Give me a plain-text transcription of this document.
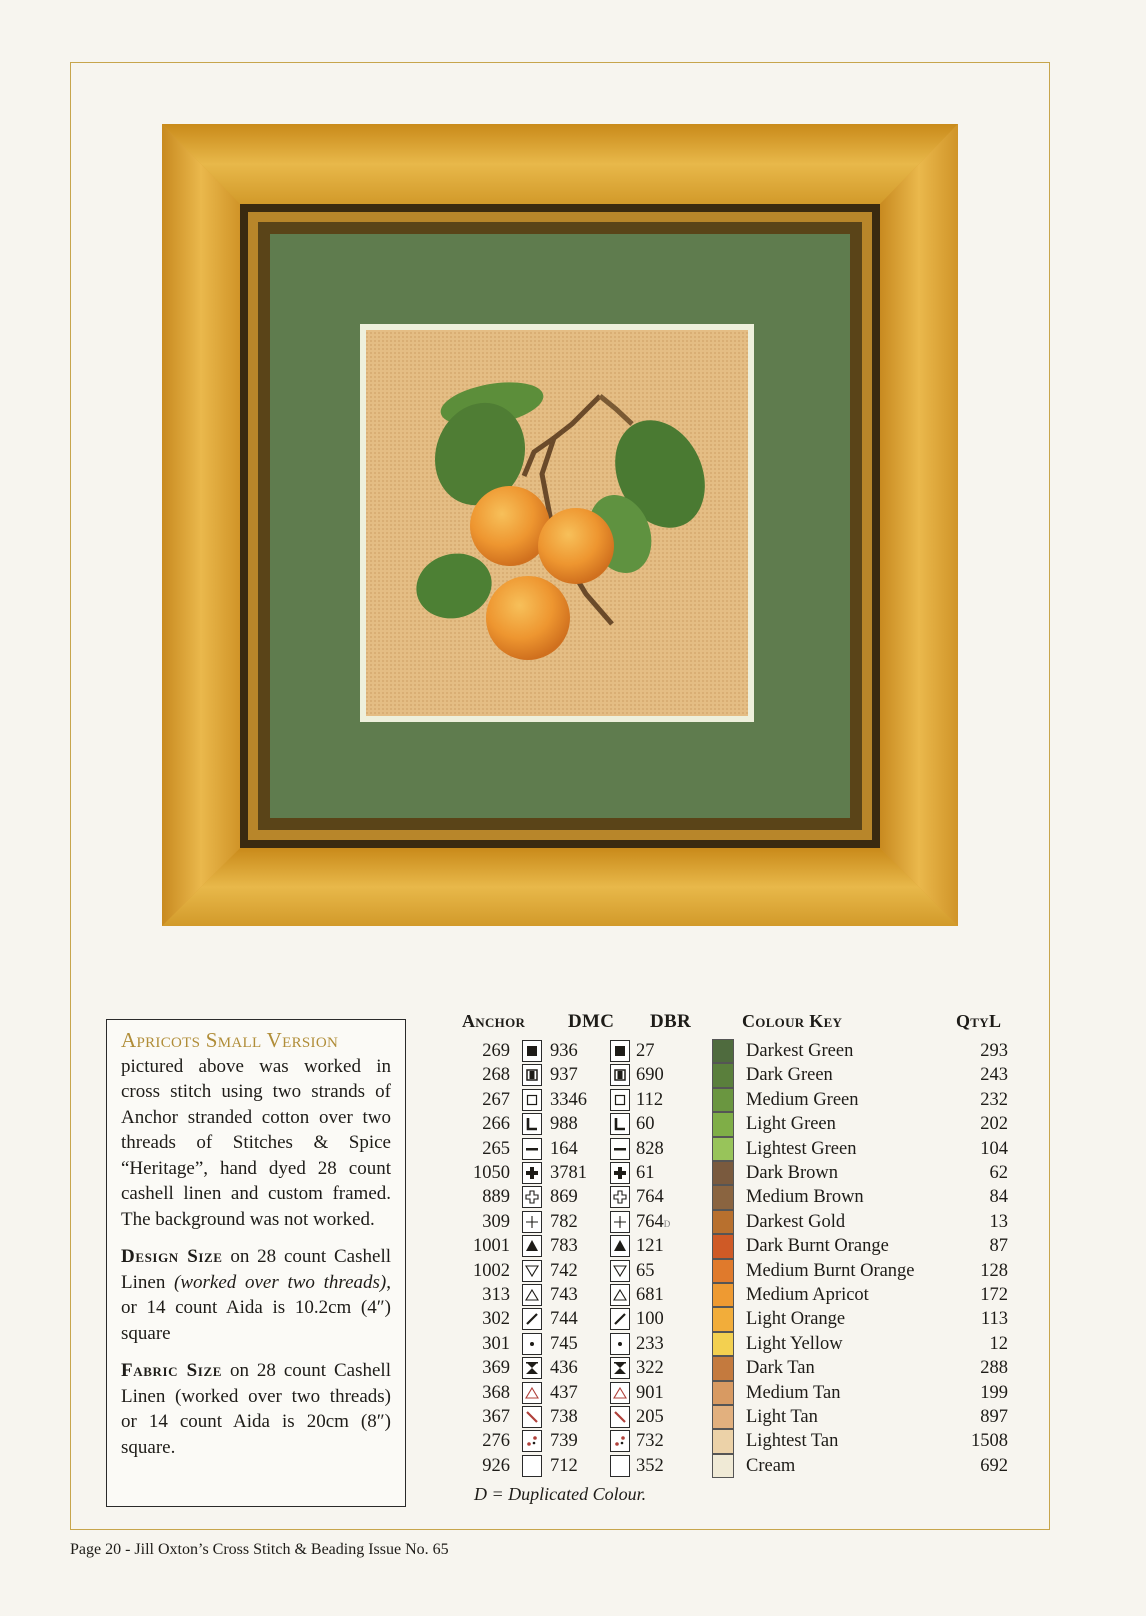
Apricots Small Version

pictured above was worked in cross stitch using two strands of Anchor stranded cotton over two threads of Stitches & Spice “Heritage”, hand dyed 28 count cashell linen and custom framed. The background was not worked.

Design Size on 28 count Cashell Linen (worked over two threads), or 14 count Aida is 10.2cm (4″) square

Fabric Size on 28 count Cashell Linen (worked over two threads) or 14 count Aida is 20cm (8″) square.

Anchor DMC DBR	Colour Key	QtyL
269 936	27	Darkest Green	293
268 937	690	Dark Green	243
267 3346	112	Medium Green	232
266 988	60	Light Green	202
265 164	828	Lightest Green	104
1050 3781	61	Dark Brown	62
889 869	764	Medium Brown	84
309 782	764D	Darkest Gold	13
1001 783	121	Dark Burnt Orange	87
1002 742	65	Medium Burnt Orange	128
313 743	681	Medium Apricot	172
302 744	100	Light Orange	113
301 745	233	Light Yellow	12
369 436	322	Dark Tan	288
368 437	901	Medium Tan	199
367 738	205	Light Tan	897
276 739	732	Lightest Tan	1508
926 712	352	Cream	692
D = Duplicated Colour.
Page 20 - Jill Oxton’s Cross Stitch & Beading Issue No. 65
